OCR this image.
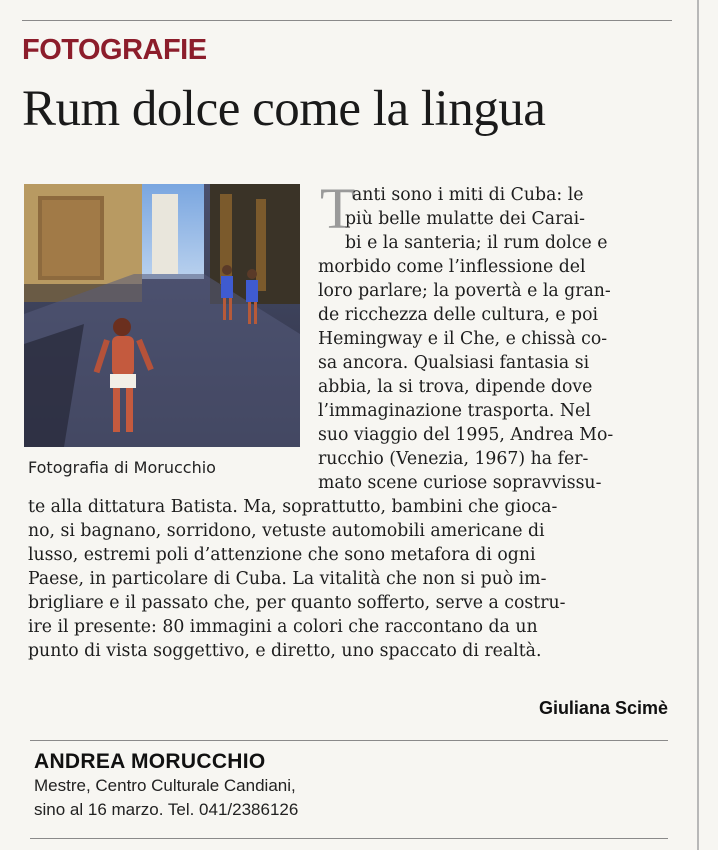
FOTOGRAFIE
Rum dolce come la lingua
Fotografia di Morucchio
T
anti sono i miti di Cuba: le
più belle mulatte dei Carai-
bi e la santeria; il rum dolce e
morbido come l’inflessione del
loro parlare; la povertà e la gran-
de ricchezza delle cultura, e poi
Hemingway e il Che, e chissà co-
sa ancora. Qualsiasi fantasia si
abbia, la si trova, dipende dove
l’immaginazione trasporta. Nel
suo viaggio del 1995, Andrea Mo-
rucchio (Venezia, 1967) ha fer-
mato scene curiose sopravvissu-
te alla dittatura Batista. Ma, soprattutto, bambini che gioca-
no, si bagnano, sorridono, vetuste automobili americane di
lusso, estremi poli d’attenzione che sono metafora di ogni
Paese, in particolare di Cuba. La vitalità che non si può im-
brigliare e il passato che, per quanto sofferto, serve a costru-
ire il presente: 80 immagini a colori che raccontano da un
punto di vista soggettivo, e diretto, uno spaccato di realtà.
Giuliana Scimè
ANDREA MORUCCHIO
Mestre, Centro Culturale Candiani,
sino al 16 marzo. Tel. 041/2386126
